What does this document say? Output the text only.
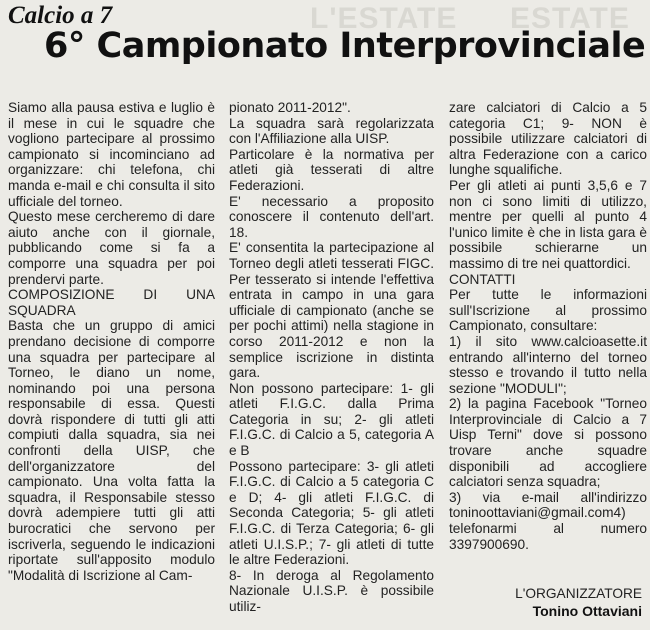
L'ESTATE ESTATE
Calcio a 7
6° Campionato Interprovinciale

Siamo alla pausa estiva e luglio è il mese in cui le squadre che vogliono partecipare al prossimo campionato si incominciano ad organizzare: chi telefona, chi manda e-mail e chi consulta il sito ufficiale del torneo.

Questo mese cercheremo di dare aiuto anche con il giornale, pubblicando come si fa a comporre una squadra per poi prendervi parte.

COMPOSIZIONE DI UNA SQUADRA

Basta che un gruppo di amici prendano decisione di comporre una squadra per partecipare al Torneo, le diano un nome, nominando poi una persona responsabile di essa. Questi dovrà rispondere di tutti gli atti compiuti dalla squadra, sia nei confronti della UISP, che dell'organizzatore del campionato. Una volta fatta la squadra, il Responsabile stesso dovrà adempiere tutti gli atti burocratici che servono per iscriverla, seguendo le indicazioni riportate sull'apposito modulo "Modalità di Iscrizione al Cam-

pionato 2011-2012".

La squadra sarà regolarizzata con l'Affiliazione alla UISP.

Particolare è la normativa per atleti già tesserati di altre Federazioni.

E' necessario a proposito conoscere il contenuto dell'art. 18.

E' consentita la partecipazione al Torneo degli atleti tesserati FIGC. Per tesserato si intende l'effettiva entrata in campo in una gara ufficiale di campionato (anche se per pochi attimi) nella stagione in corso 2011-2012 e non la semplice iscrizione in distinta gara.

Non possono partecipare: 1- gli atleti F.I.G.C. dalla Prima Categoria in su; 2- gli atleti F.I.G.C. di Calcio a 5, categoria A e B

Possono partecipare: 3- gli atleti F.I.G.C. di Calcio a 5 categoria C e D; 4- gli atleti F.I.G.C. di Seconda Categoria; 5- gli atleti F.I.G.C. di Terza Categoria; 6- gli atleti U.I.S.P.; 7- gli atleti di tutte le altre Federazioni.

8- In deroga al Regolamento Nazionale U.I.S.P. è possibile utiliz-

zare calciatori di Calcio a 5 categoria C1; 9- NON è possibile utilizzare calciatori di altra Federazione con a carico lunghe squalifiche.

Per gli atleti ai punti 3,5,6 e 7 non ci sono limiti di utilizzo, mentre per quelli al punto 4 l'unico limite è che in lista gara è possibile schierarne un massimo di tre nei quattordici.

CONTATTI

Per tutte le informazioni sull'Iscrizione al prossimo Campionato, consultare:

1) il sito www.calcioasette.it entrando all'interno del torneo stesso e trovando il tutto nella sezione "MODULI";

2) la pagina Facebook "Torneo Interprovinciale di Calcio a 7 Uisp Terni" dove si possono trovare anche squadre disponibili ad accogliere calciatori senza squadra;

3) via e-mail all'indirizzo toninoottaviani@gmail.com4) telefonarmi al numero 3397900690.

L'ORGANIZZATORE
Tonino Ottaviani
